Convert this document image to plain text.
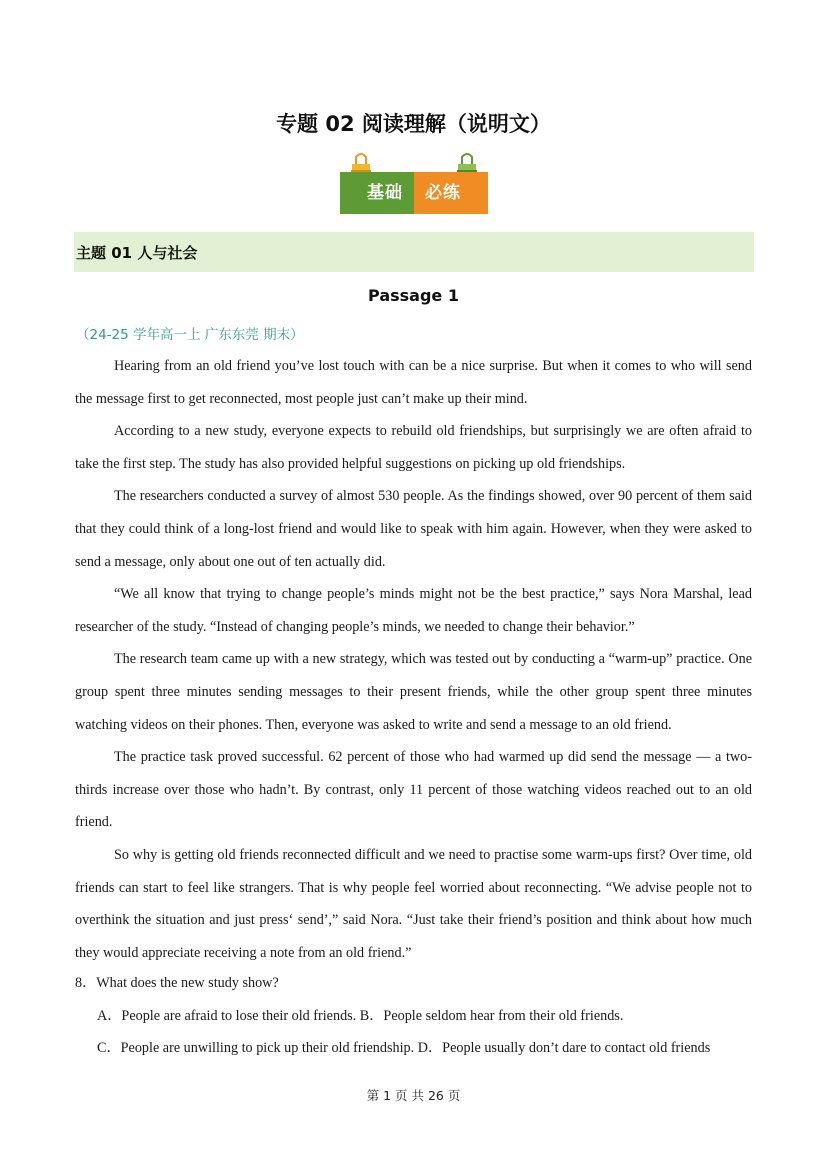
专题 02 阅读理解（说明文）
基础	必练
主题 01 人与社会
Passage 1
（24-25 学年高一上 广东东莞 期末）

Hearing from an old friend you’ve lost touch with can be a nice surprise. But when it comes to who will send the message first to get reconnected, most people just can’t make up their mind.

According to a new study, everyone expects to rebuild old friendships, but surprisingly we are often afraid to take the first step. The study has also provided helpful suggestions on picking up old friendships.

The researchers conducted a survey of almost 530 people. As the findings showed, over 90 percent of them said that they could think of a long-lost friend and would like to speak with him again. However, when they were asked to send a message, only about one out of ten actually did.

“We all know that trying to change people’s minds might not be the best practice,” says Nora Marshal, lead researcher of the study. “Instead of changing people’s minds, we needed to change their behavior.”

The research team came up with a new strategy, which was tested out by conducting a “warm-up” practice. One group spent three minutes sending messages to their present friends, while the other group spent three minutes watching videos on their phones. Then, everyone was asked to write and send a message to an old friend.

The practice task proved successful. 62 percent of those who had warmed up did send the message — a two-thirds increase over those who hadn’t. By contrast, only 11 percent of those watching videos reached out to an old friend.

So why is getting old friends reconnected difficult and we need to practise some warm-ups first? Over time, old friends can start to feel like strangers. That is why people feel worried about reconnecting. “We advise people not to overthink the situation and just press‘ send’,” said Nora. “Just take their friend’s position and think about how much they would appreciate receiving a note from an old friend.”

8．What does the new study show?

A．People are afraid to lose their old friends. B．People seldom hear from their old friends.

C．People are unwilling to pick up their old friendship. D．People usually don’t dare to contact old friends

第 1 页 共 26 页
